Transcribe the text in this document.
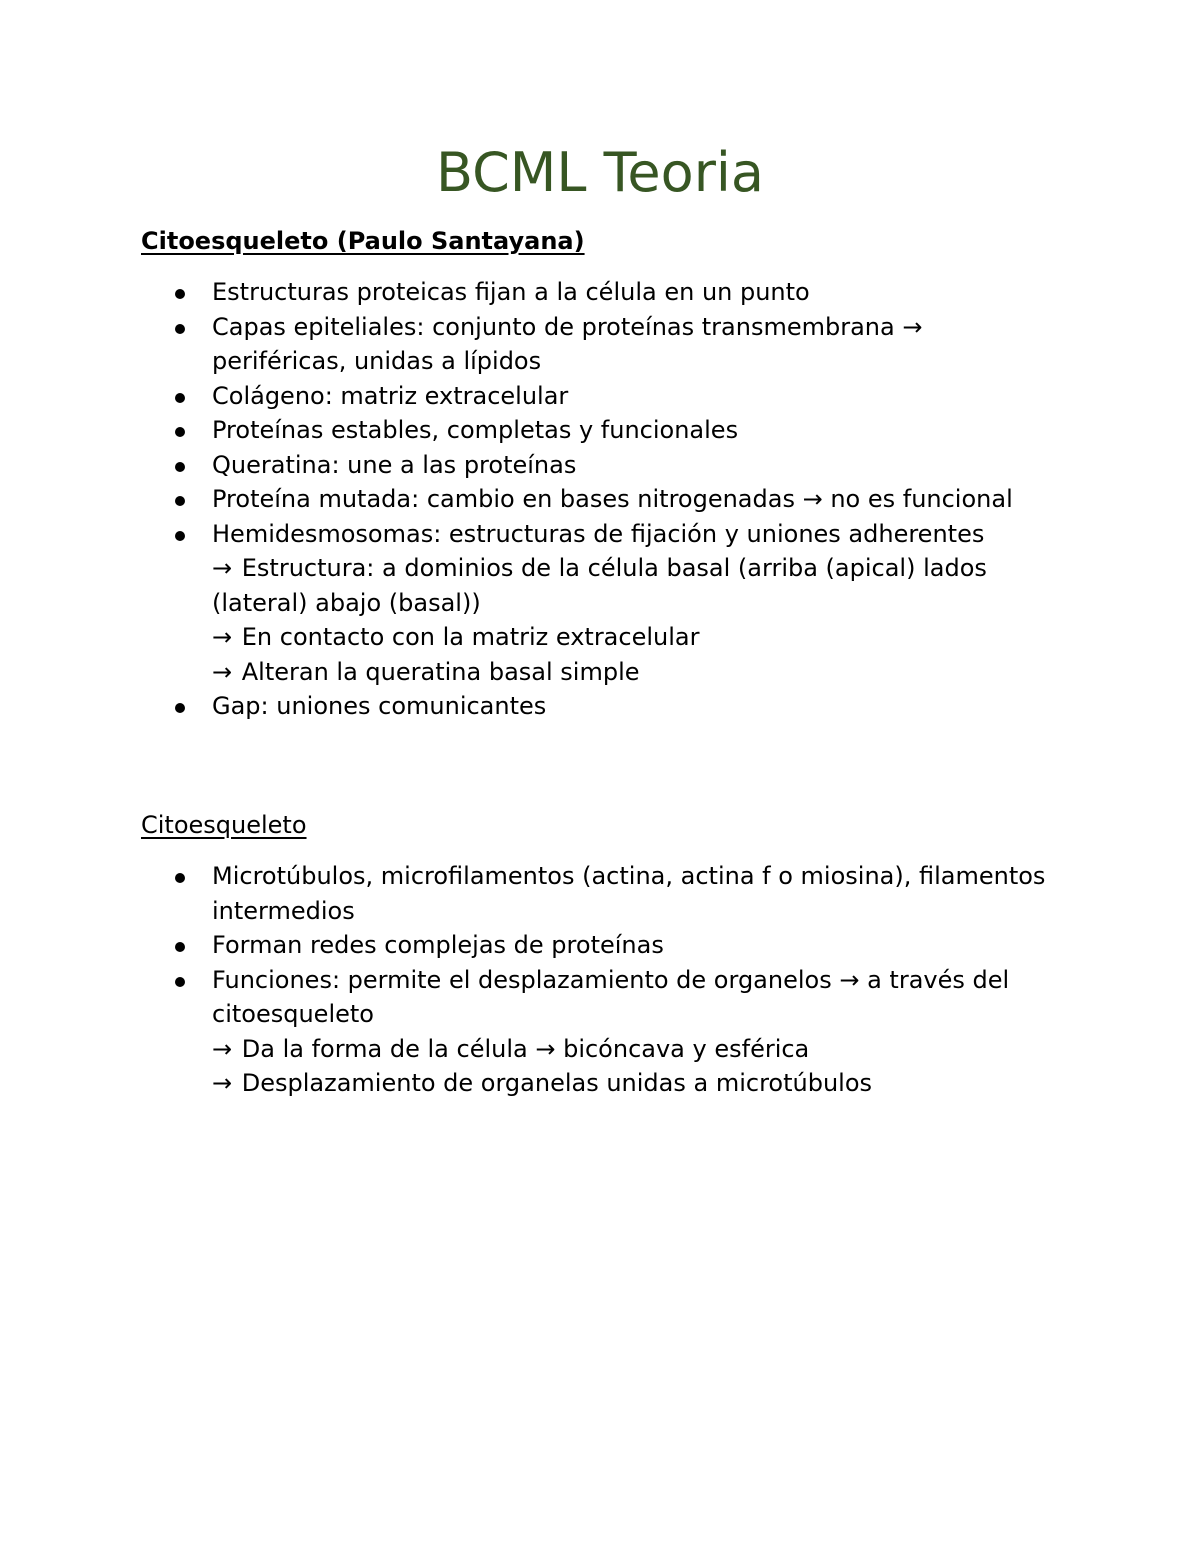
BCML Teoria

Citoesqueleto (Paulo Santayana)

Estructuras proteicas fijan a la célula en un punto
Capas epiteliales: conjunto de proteínas transmembrana → periféricas, unidas a lípidos
Colágeno: matriz extracelular
Proteínas estables, completas y funcionales
Queratina: une a las proteínas
Proteína mutada: cambio en bases nitrogenadas → no es funcional
Hemidesmosomas: estructuras de fijación y uniones adherentes
→ Estructura: a dominios de la célula basal (arriba (apical) lados (lateral) abajo (basal))
→ En contacto con la matriz extracelular
→ Alteran la queratina basal simple
Gap: uniones comunicantes

Citoesqueleto

Microtúbulos, microfilamentos (actina, actina f o miosina), filamentos intermedios
Forman redes complejas de proteínas
Funciones: permite el desplazamiento de organelos → a través del citoesqueleto
→ Da la forma de la célula → bicóncava y esférica
→ Desplazamiento de organelas unidas a microtúbulos
